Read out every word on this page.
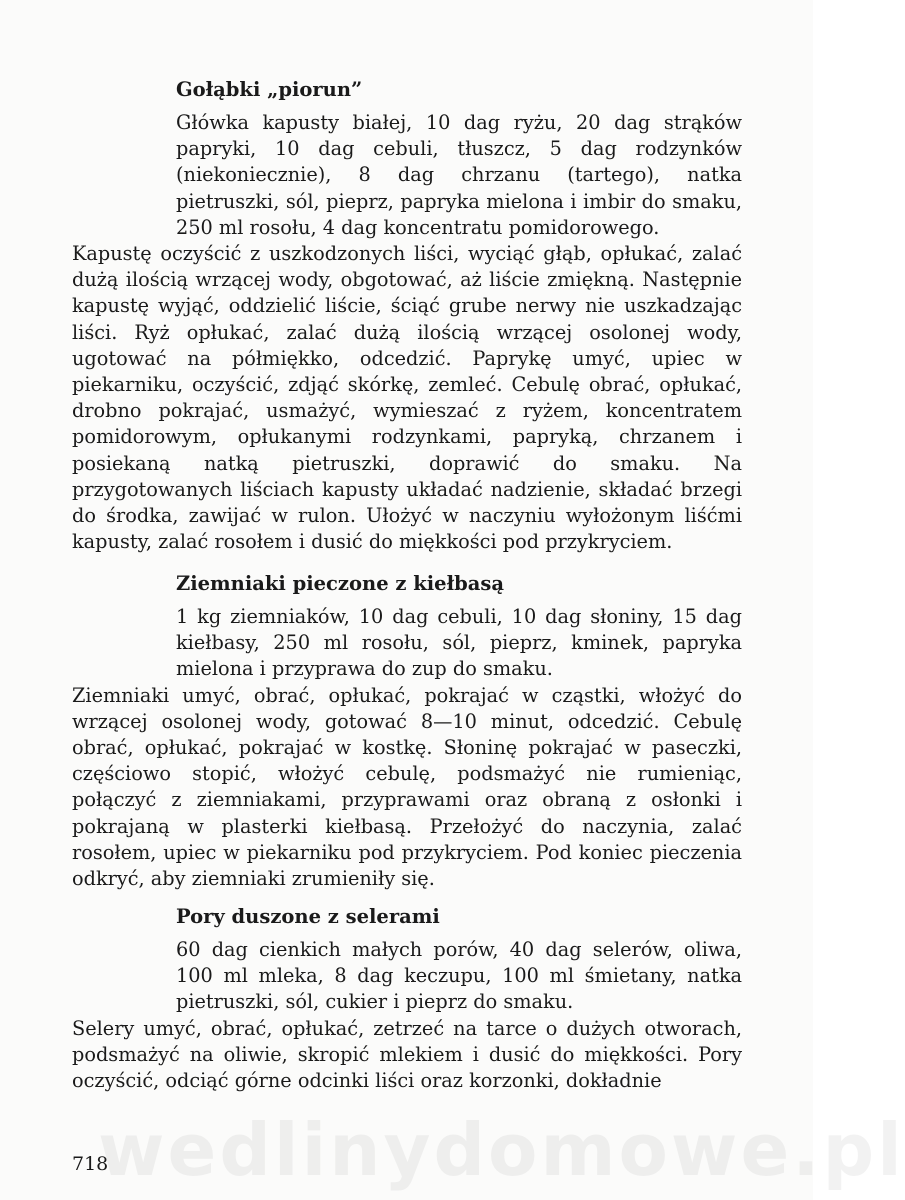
Gołąbki „piorun”

Główka kapusty białej, 10 dag ryżu, 20 dag strąków papryki, 10 dag cebuli, tłuszcz, 5 dag rodzynków (niekoniecznie), 8 dag chrzanu (tartego), natka pietruszki, sól, pieprz, papryka mielona i imbir do smaku, 250 ml rosołu, 4 dag koncentratu pomidorowego.

Kapustę oczyścić z uszkodzonych liści, wyciąć głąb, opłukać, zalać dużą ilością wrzącej wody, obgotować, aż liście zmiękną. Następnie kapustę wyjąć, oddzielić liście, ściąć grube nerwy nie uszkadzając liści. Ryż opłukać, zalać dużą ilością wrzącej osolonej wody, ugotować na półmiękko, odcedzić. Paprykę umyć, upiec w piekarniku, oczyścić, zdjąć skórkę, zemleć. Cebulę obrać, opłukać, drobno pokrajać, usmażyć, wymieszać z ryżem, koncentratem pomidorowym, opłukanymi rodzynkami, papryką, chrzanem i posiekaną natką pietruszki, doprawić do smaku. Na przygotowanych liściach kapusty układać nadzienie, składać brzegi do środka, zawijać w rulon. Ułożyć w naczyniu wyłożonym liśćmi kapusty, zalać rosołem i dusić do miękkości pod przykryciem.

Ziemniaki pieczone z kiełbasą

1 kg ziemniaków, 10 dag cebuli, 10 dag słoniny, 15 dag kiełbasy, 250 ml rosołu, sól, pieprz, kminek, papryka mielona i przyprawa do zup do smaku.

Ziemniaki umyć, obrać, opłukać, pokrajać w cząstki, włożyć do wrzącej osolonej wody, gotować 8—10 minut, odcedzić. Cebulę obrać, opłukać, pokrajać w kostkę. Słoninę pokrajać w paseczki, częściowo stopić, włożyć cebulę, podsmażyć nie rumieniąc, połączyć z ziemniakami, przyprawami oraz obraną z osłonki i pokrajaną w plasterki kiełbasą. Przełożyć do naczynia, zalać rosołem, upiec w piekarniku pod przykryciem. Pod koniec pieczenia odkryć, aby ziemniaki zrumieniły się.

Pory duszone z selerami

60 dag cienkich małych porów, 40 dag selerów, oliwa, 100 ml mleka, 8 dag keczupu, 100 ml śmietany, natka pietruszki, sól, cukier i pieprz do smaku.

Selery umyć, obrać, opłukać, zetrzeć na tarce o dużych otworach, podsmażyć na oliwie, skropić mlekiem i dusić do miękkości. Pory oczyścić, odciąć górne odcinki liści oraz korzonki, dokładnie

wedlinydomowe.pl
718
